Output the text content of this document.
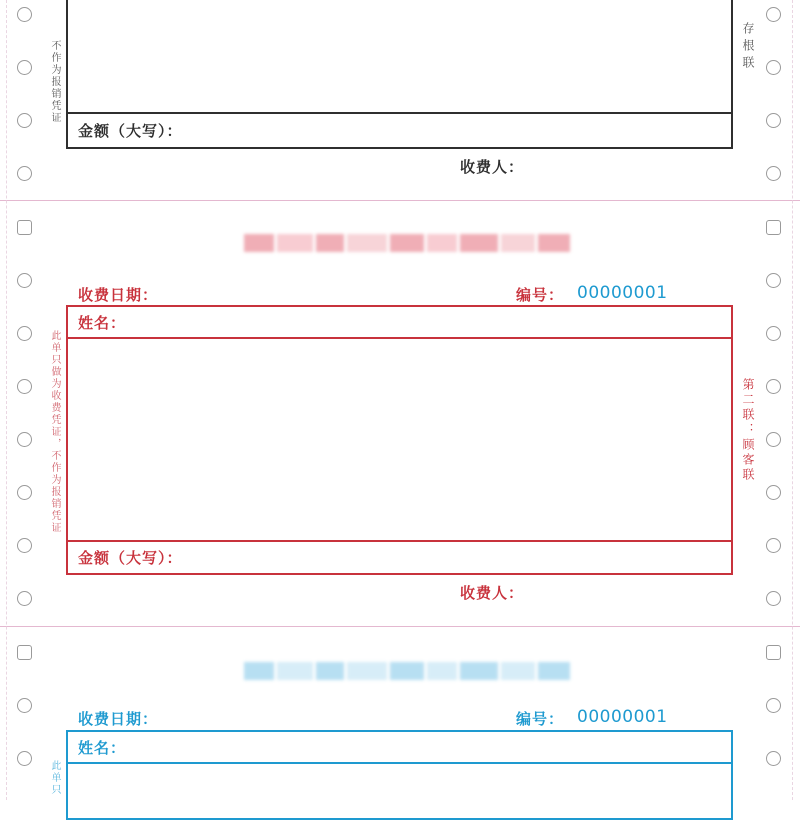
金额（大写）：
收费人：
不作为报销凭证	存根联
收费日期：	编号： 00000001
姓名：
金额（大写）：
收费人：
此单只做为收费凭证，不作为报销凭证	第二联：顾客联
收费日期：	编号： 00000001
姓名：
此单只
